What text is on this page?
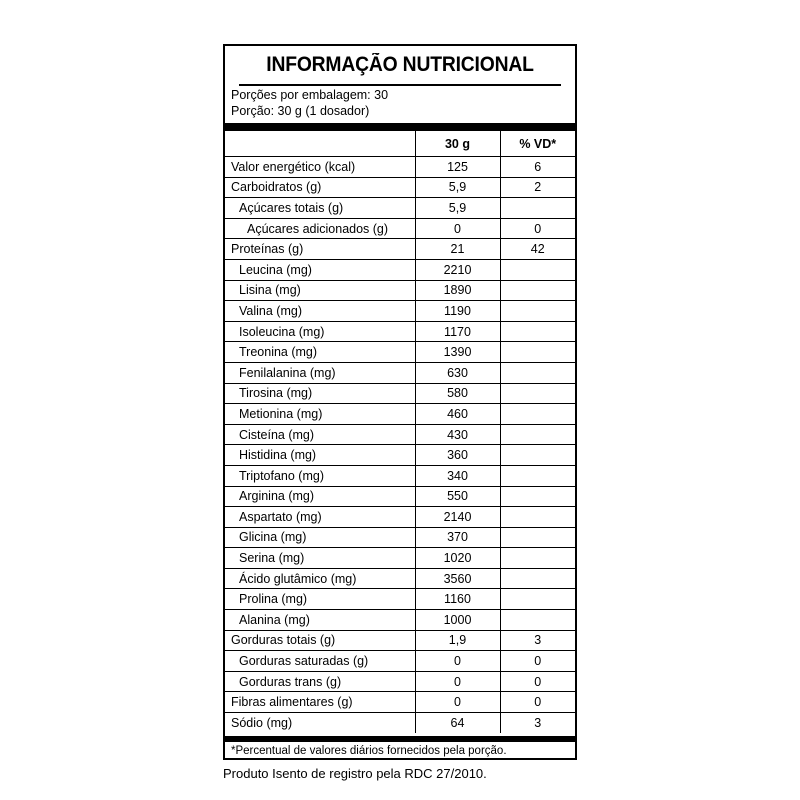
INFORMAÇÃO NUTRICIONAL
Porções por embalagem: 30
Porção: 30 g (1 dosador)
	30 g	% VD*
Valor energético (kcal)	125	6
Carboidratos (g)	5,9	2
Açúcares totais (g)	5,9	
Açúcares adicionados (g)	0	0
Proteínas (g)	21	42
Leucina (mg)	2210	
Lisina (mg)	1890	
Valina (mg)	1190	
Isoleucina (mg)	1170	
Treonina (mg)	1390	
Fenilalanina (mg)	630	
Tirosina (mg)	580	
Metionina (mg)	460	
Cisteína (mg)	430	
Histidina (mg)	360	
Triptofano (mg)	340	
Arginina (mg)	550	
Aspartato (mg)	2140	
Glicina (mg)	370	
Serina (mg)	1020	
Ácido glutâmico (mg)	3560	
Prolina (mg)	1160	
Alanina (mg)	1000	
Gorduras totais (g)	1,9	3
Gorduras saturadas (g)	0	0
Gorduras trans (g)	0	0
Fibras alimentares (g)	0	0
Sódio (mg)	64	3
*Percentual de valores diários fornecidos pela porção.
Produto Isento de registro pela RDC 27/2010.
